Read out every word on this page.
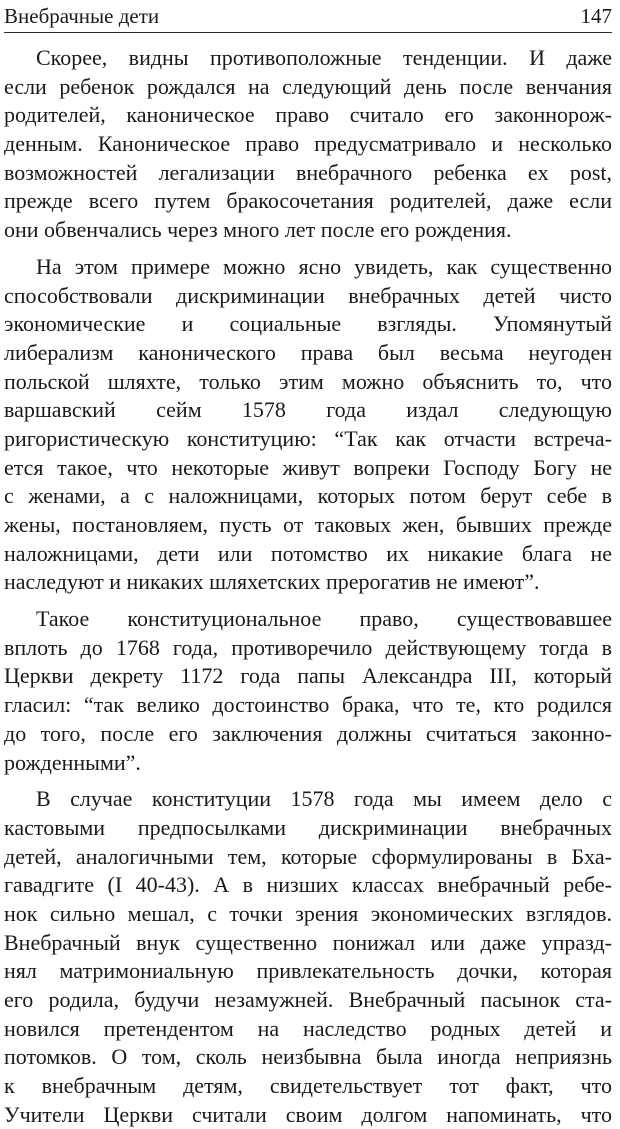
Внебрачные дети	147
Скорее, видны противоположные тенденции. И даже
если ребенок рождался на следующий день после венчания
родителей, каноническое право считало его законнорож-
денным. Каноническое право предусматривало и несколько
возможностей легализации внебрачного ребенка ex post,
прежде всего путем бракосочетания родителей, даже если
они обвенчались через много лет после его рождения.
На этом примере можно ясно увидеть, как существенно
способствовали дискриминации внебрачных детей чисто
экономические и социальные взгляды. Упомянутый
либерализм канонического права был весьма неугоден
польской шляхте, только этим можно объяснить то, что
варшавский сейм 1578 года издал следующую
ригористическую конституцию: “Так как отчасти встреча-
ется такое, что некоторые живут вопреки Господу Богу не
с женами, а с наложницами, которых потом берут себе в
жены, постановляем, пусть от таковых жен, бывших прежде
наложницами, дети или потомство их никакие блага не
наследуют и никаких шляхетских прерогатив не имеют”.
Такое конституциональное право, существовавшее
вплоть до 1768 года, противоречило действующему тогда в
Церкви декрету 1172 года папы Александра III, который
гласил: “так велико достоинство брака, что те, кто родился
до того, после его заключения должны считаться законно-
рожденными”.
В случае конституции 1578 года мы имеем дело с
кастовыми предпосылками дискриминации внебрачных
детей, аналогичными тем, которые сформулированы в Бха-
гавадгите (I 40-43). А в низших классах внебрачный ребе-
нок сильно мешал, с точки зрения экономических взглядов.
Внебрачный внук существенно понижал или даже упразд-
нял матримониальную привлекательность дочки, которая
его родила, будучи незамужней. Внебрачный пасынок ста-
новился претендентом на наследство родных детей и
потомков. О том, сколь неизбывна была иногда неприязнь
к внебрачным детям, свидетельствует тот факт, что
Учители Церкви считали своим долгом напоминать, что
